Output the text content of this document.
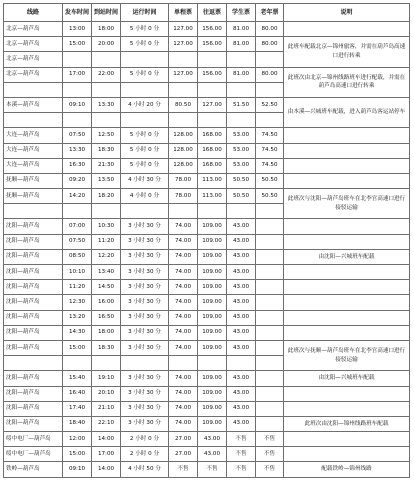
线路	发车时间	到站时间	运行时间	单程票	往返票	学生票	老年票	说明
北京—葫芦岛	13:00	18:00	5 小时 0 分	127.00	156.00	81.00	80.00	
北京—葫芦岛	15:00	20:00	5 小时 0 分	127.00	156.00	81.00	80.00	此班车配载北京—锦州旅客，并需在葫芦岛高速口进行转乘
北京—葫芦岛								
北京—葫芦岛	17:00	22:00	5 小时 0 分	127.00	156.00	81.00	80.00	此班次由北京—锦州线路班车进行配载，并需在葫芦岛高速口进行转乘

本溪—葫芦岛	09:10	13:30	4 小时 20 分	80.50	127.00	51.50	52.50	由本溪—兴城班车配载，进入葫芦岛客运站停车

大连—葫芦岛	07:50	12:50	5 小时 0 分	128.00	168.00	53.00	74.50	
大连—葫芦岛	13:30	18:30	5 小时 0 分	128.00	168.00	53.00	74.50	
大连—葫芦岛	16:30	21:30	5 小时 0 分	128.00	168.00	53.00	74.50	
抚顺—葫芦岛	09:20	13:50	4 小时 30 分	78.00	113.00	50.50	50.50	
抚顺—葫芦岛	14:20	18:20	4 小时 0 分	78.00	113.00	50.50	50.50	此班次与沈阳—葫芦岛班车在北李官高速口进行接驳运输

沈阳—葫芦岛	07:00	10:30	3 小时 30 分	74.00	109.00	43.00		
沈阳—葫芦岛	07:50	11:20	3 小时 30 分	74.00	109.00	43.00		
沈阳—葫芦岛	08:50	12:20	3 小时 30 分	74.00	109.00	43.00		由沈阳—兴城班车配载
沈阳—葫芦岛	10:10	13:40	3 小时 30 分	74.00	109.00	43.00		
沈阳—葫芦岛	11:20	14:50	3 小时 30 分	74.00	109.00	43.00		
沈阳—葫芦岛	12:30	16:00	3 小时 30 分	74.00	109.00	43.00		
沈阳—葫芦岛	13:20	16:50	3 小时 30 分	74.00	109.00	43.00		
沈阳—葫芦岛	14:30	18:00	3 小时 30 分	74.00	109.00	43.00		
沈阳—葫芦岛	15:00	18:30	3 小时 30 分	74.00	109.00	43.00		此班次与抚顺—葫芦岛班车在北李官高速口进行接驳运输

沈阳—葫芦岛	15:40	19:10	3 小时 30 分	74.00	109.00	43.00		由沈阳—兴城班车配载
沈阳—葫芦岛	16:40	20:10	3 小时 30 分	74.00	109.00	43.00		
沈阳—葫芦岛	17:40	21:10	3 小时 30 分	74.00	109.00	43.00		
沈阳—葫芦岛	18:40	22:10	3 小时 30 分	74.00	109.00	43.00		此班次由沈阳—锦州线路班车配载
绥中电厂—葫芦岛	12:00	14:00	2 小时 0 分	27.00	43.00	不售	不售	
绥中电厂—葫芦岛	15:00	17:00	2 小时 0 分	27.00	43.00	不售	不售	
铁岭—葫芦岛	09:10	14:00	4 小时 50 分	不售	不售	不售	不售	配载铁岭—锦州线路
